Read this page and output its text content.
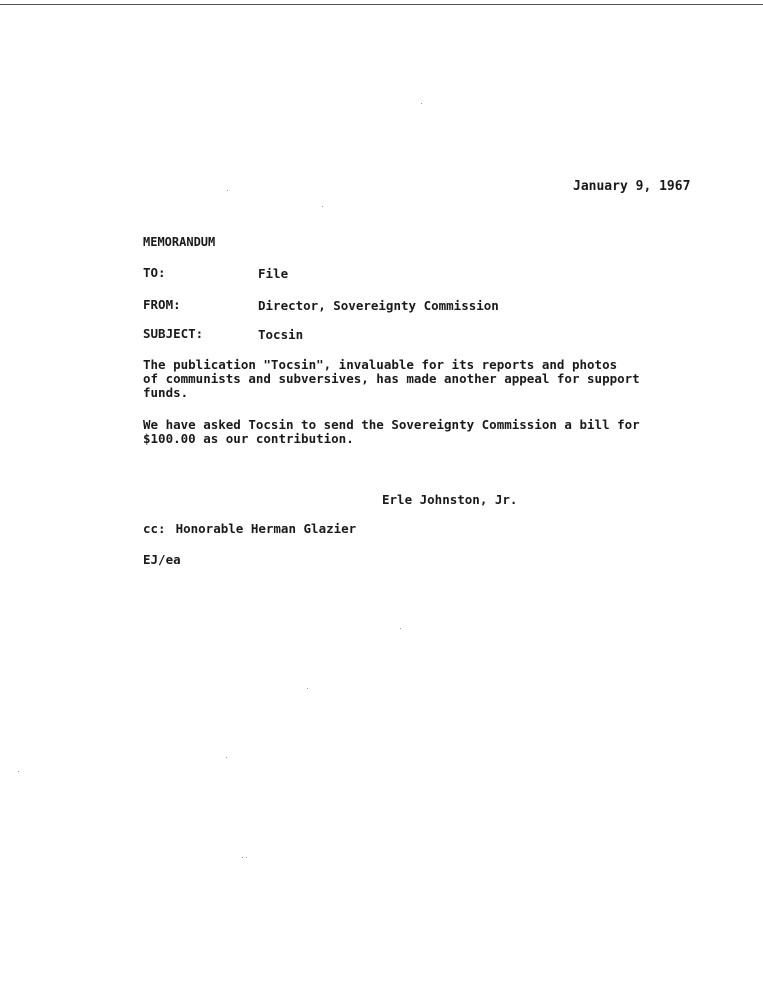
January 9, 1967
MEMORANDUM
TO:	File
FROM:	Director, Sovereignty Commission
SUBJECT:	Tocsin
The publication "Tocsin", invaluable for its reports and photos
of communists and subversives, has made another appeal for support
funds.
We have asked Tocsin to send the Sovereignty Commission a bill for
$100.00 as our contribution.
Erle Johnston, Jr.
cc: Honorable Herman Glazier
EJ/ea
